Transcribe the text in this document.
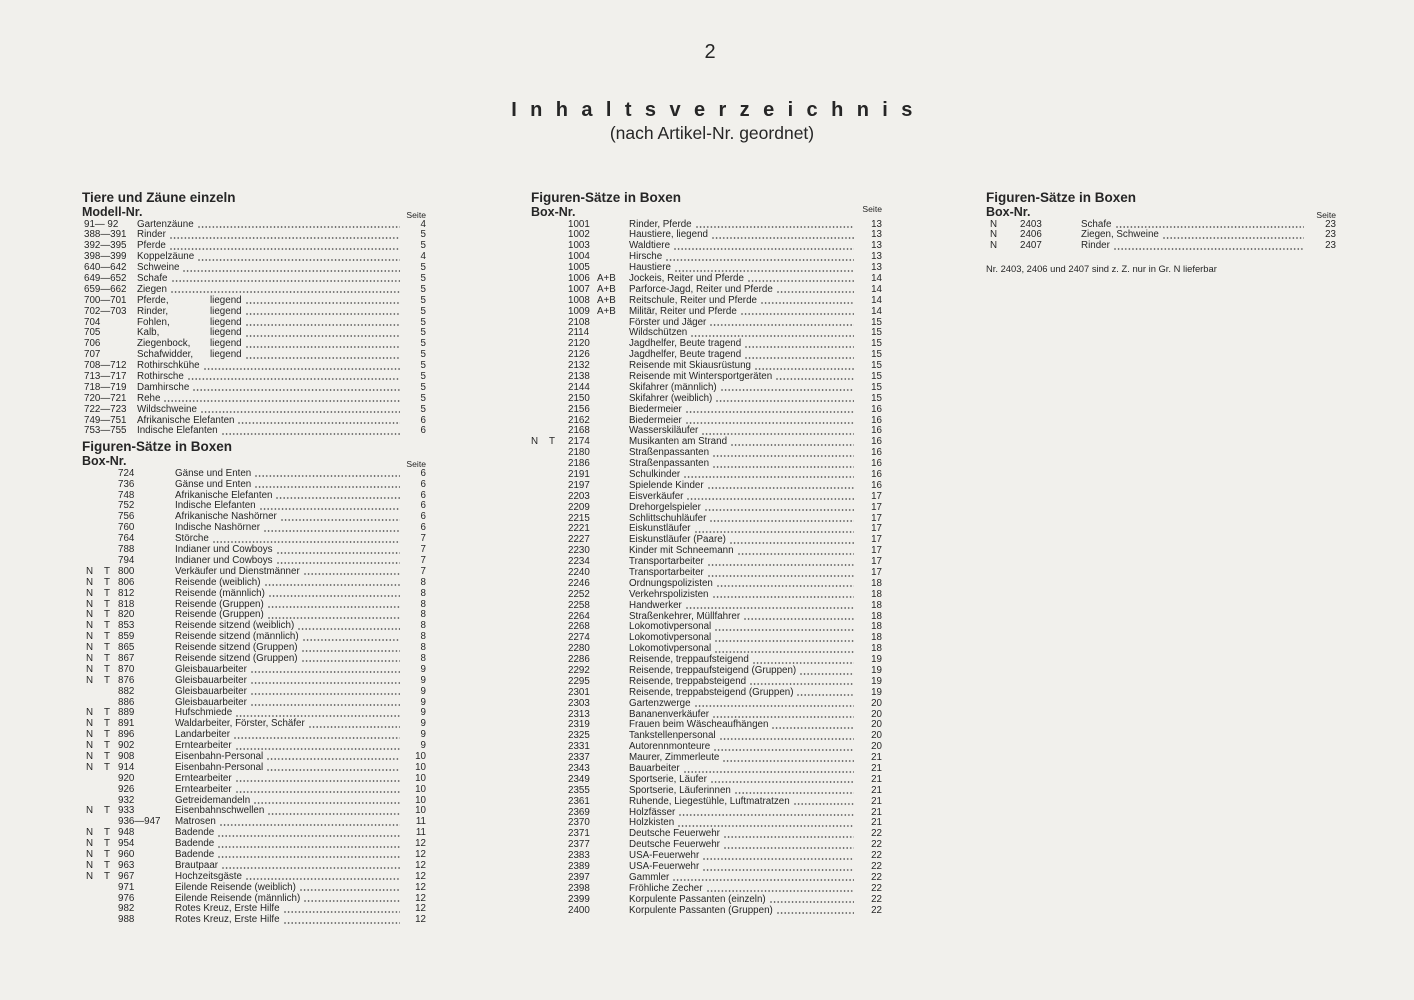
2
Inhaltsverzeichnis
(nach Artikel-Nr. geordnet)
Tiere und Zäune einzeln
Modell-Nr.	Seite
91— 92	Gartenzäune	4
388—391	Rinder	5
392—395	Pferde	5
398—399	Koppelzäune	4
640—642	Schweine	5
649—652	Schafe	5
659—662	Ziegen	5
700—701	Pferde,	liegend	5
702—703	Rinder,	liegend	5
704	Fohlen,	liegend	5
705	Kalb,	liegend	5
706	Ziegenbock, liegend	5
707	Schafwidder, liegend	5
708—712	Rothirschkühe	5
713—717	Rothirsche	5
718—719	Damhirsche	5
720—721	Rehe	5
722—723	Wildschweine	5
749—751	Afrikanische Elefanten	6
753—755	Indische Elefanten	6
Figuren-Sätze in Boxen
Box-Nr.	Seite
724	Gänse und Enten	6
736	Gänse und Enten	6
748	Afrikanische Elefanten	6
752	Indische Elefanten	6
756	Afrikanische Nashörner	6
760	Indische Nashörner	6
764	Störche	7
788	Indianer und Cowboys	7
794	Indianer und Cowboys	7
N	T 800	Verkäufer und Dienstmänner	7
N	T 806	Reisende (weiblich)	8
N	T 812	Reisende (männlich)	8
N	T 818	Reisende (Gruppen)	8
N	T 820	Reisende (Gruppen)	8
N	T 853	Reisende sitzend (weiblich)	8
N	T 859	Reisende sitzend (männlich)	8
N	T 865	Reisende sitzend (Gruppen)	8
N	T 867	Reisende sitzend (Gruppen)	8
N	T 870	Gleisbauarbeiter	9
N	T 876	Gleisbauarbeiter	9
882	Gleisbauarbeiter	9
886	Gleisbauarbeiter	9
N	T 889	Hufschmiede	9
N	T 891	Waldarbeiter, Förster, Schäfer	9
N	T 896	Landarbeiter	9
N	T 902	Erntearbeiter	9
N	T 908	Eisenbahn-Personal	10
N	T 914	Eisenbahn-Personal	10
920	Erntearbeiter	10
926	Erntearbeiter	10
932	Getreidemandeln	10
N	T 933	Eisenbahnschwellen	10
936—947	Matrosen	11
N	T 948	Badende	11
N	T 954	Badende	12
N	T 960	Badende	12
N	T 963	Brautpaar	12
N	T 967	Hochzeitsgäste	12
971	Eilende Reisende (weiblich)	12
976	Eilende Reisende (männlich)	12
982	Rotes Kreuz, Erste Hilfe	12
988	Rotes Kreuz, Erste Hilfe	12
Figuren-Sätze in Boxen
Box-Nr.	Seite
1001	Rinder, Pferde	13
1002	Haustiere, liegend	13
1003	Waldtiere	13
1004	Hirsche	13
1005	Haustiere	13
1006 A+B	Jockeis, Reiter und Pferde	14
1007 A+B	Parforce-Jagd, Reiter und Pferde	14
1008 A+B	Reitschule, Reiter und Pferde	14
1009 A+B	Militär, Reiter und Pferde	14
2108	Förster und Jäger	15
2114	Wildschützen	15
2120	Jagdhelfer, Beute tragend	15
2126	Jagdhelfer, Beute tragend	15
2132	Reisende mit Skiausrüstung	15
2138	Reisende mit Wintersportgeräten	15
2144	Skifahrer (männlich)	15
2150	Skifahrer (weiblich)	15
2156	Biedermeier	16
2162	Biedermeier	16
2168	Wasserskiläufer	16
N	T	2174	Musikanten am Strand	16
2180	Straßenpassanten	16
2186	Straßenpassanten	16
2191	Schulkinder	16
2197	Spielende Kinder	16
2203	Eisverkäufer	17
2209	Drehorgelspieler	17
2215	Schlittschuhläufer	17
2221	Eiskunstläufer	17
2227	Eiskunstläufer (Paare)	17
2230	Kinder mit Schneemann	17
2234	Transportarbeiter	17
2240	Transportarbeiter	17
2246	Ordnungspolizisten	18
2252	Verkehrspolizisten	18
2258	Handwerker	18
2264	Straßenkehrer, Müllfahrer	18
2268	Lokomotivpersonal	18
2274	Lokomotivpersonal	18
2280	Lokomotivpersonal	18
2286	Reisende, treppaufsteigend	19
2292	Reisende, treppaufsteigend (Gruppen)	19
2295	Reisende, treppabsteigend	19
2301	Reisende, treppabsteigend (Gruppen)	19
2303	Gartenzwerge	20
2313	Bananenverkäufer	20
2319	Frauen beim Wäscheaufhängen	20
2325	Tankstellenpersonal	20
2331	Autorennmonteure	20
2337	Maurer, Zimmerleute	21
2343	Bauarbeiter	21
2349	Sportserie, Läufer	21
2355	Sportserie, Läuferinnen	21
2361	Ruhende, Liegestühle, Luftmatratzen	21
2369	Holzfässer	21
2370	Holzkisten	21
2371	Deutsche Feuerwehr	22
2377	Deutsche Feuerwehr	22
2383	USA-Feuerwehr	22
2389	USA-Feuerwehr	22
2397	Gammler	22
2398	Fröhliche Zecher	22
2399	Korpulente Passanten (einzeln)	22
2400	Korpulente Passanten (Gruppen)	22
Figuren-Sätze in Boxen
Box-Nr.	Seite
N	2403	Schafe	23
N	2406	Ziegen, Schweine	23
N	2407	Rinder	23
Nr. 2403, 2406 und 2407 sind z. Z. nur in Gr. N lieferbar
